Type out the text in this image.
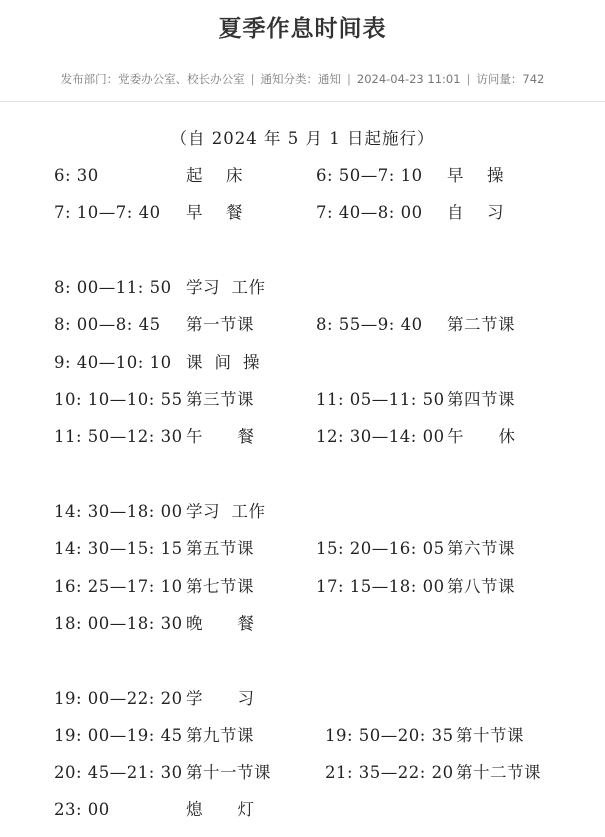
夏季作息时间表
发布部门：党委办公室、校长办公室 | 通知分类：通知 | 2024-04-23 11:01 | 访问量：742
（自 2024 年 5 月 1 日起施行）
6: 30	起    床	6: 50—7: 10 早    操
7: 10—7: 40 早    餐	7: 40—8: 00 自    习
8: 00—11: 50 学习  工作
8: 00—8: 45 第一节课	8: 55—9: 40 第二节课
9: 40—10: 10 课  间  操
10: 10—10: 55 第三节课	11: 05—11: 50 第四节课
11: 50—12: 30 午      餐	12: 30—14: 00 午      休
14: 30—18: 00 学习  工作
14: 30—15: 15 第五节课	15: 20—16: 05 第六节课
16: 25—17: 10 第七节课	17: 15—18: 00 第八节课
18: 00—18: 30 晚      餐
19: 00—22: 20 学      习
19: 00—19: 45 第九节课	19: 50—20: 35 第十节课
20: 45—21: 30 第十一节课	21: 35—22: 20 第十二节课
23: 00	熄      灯
